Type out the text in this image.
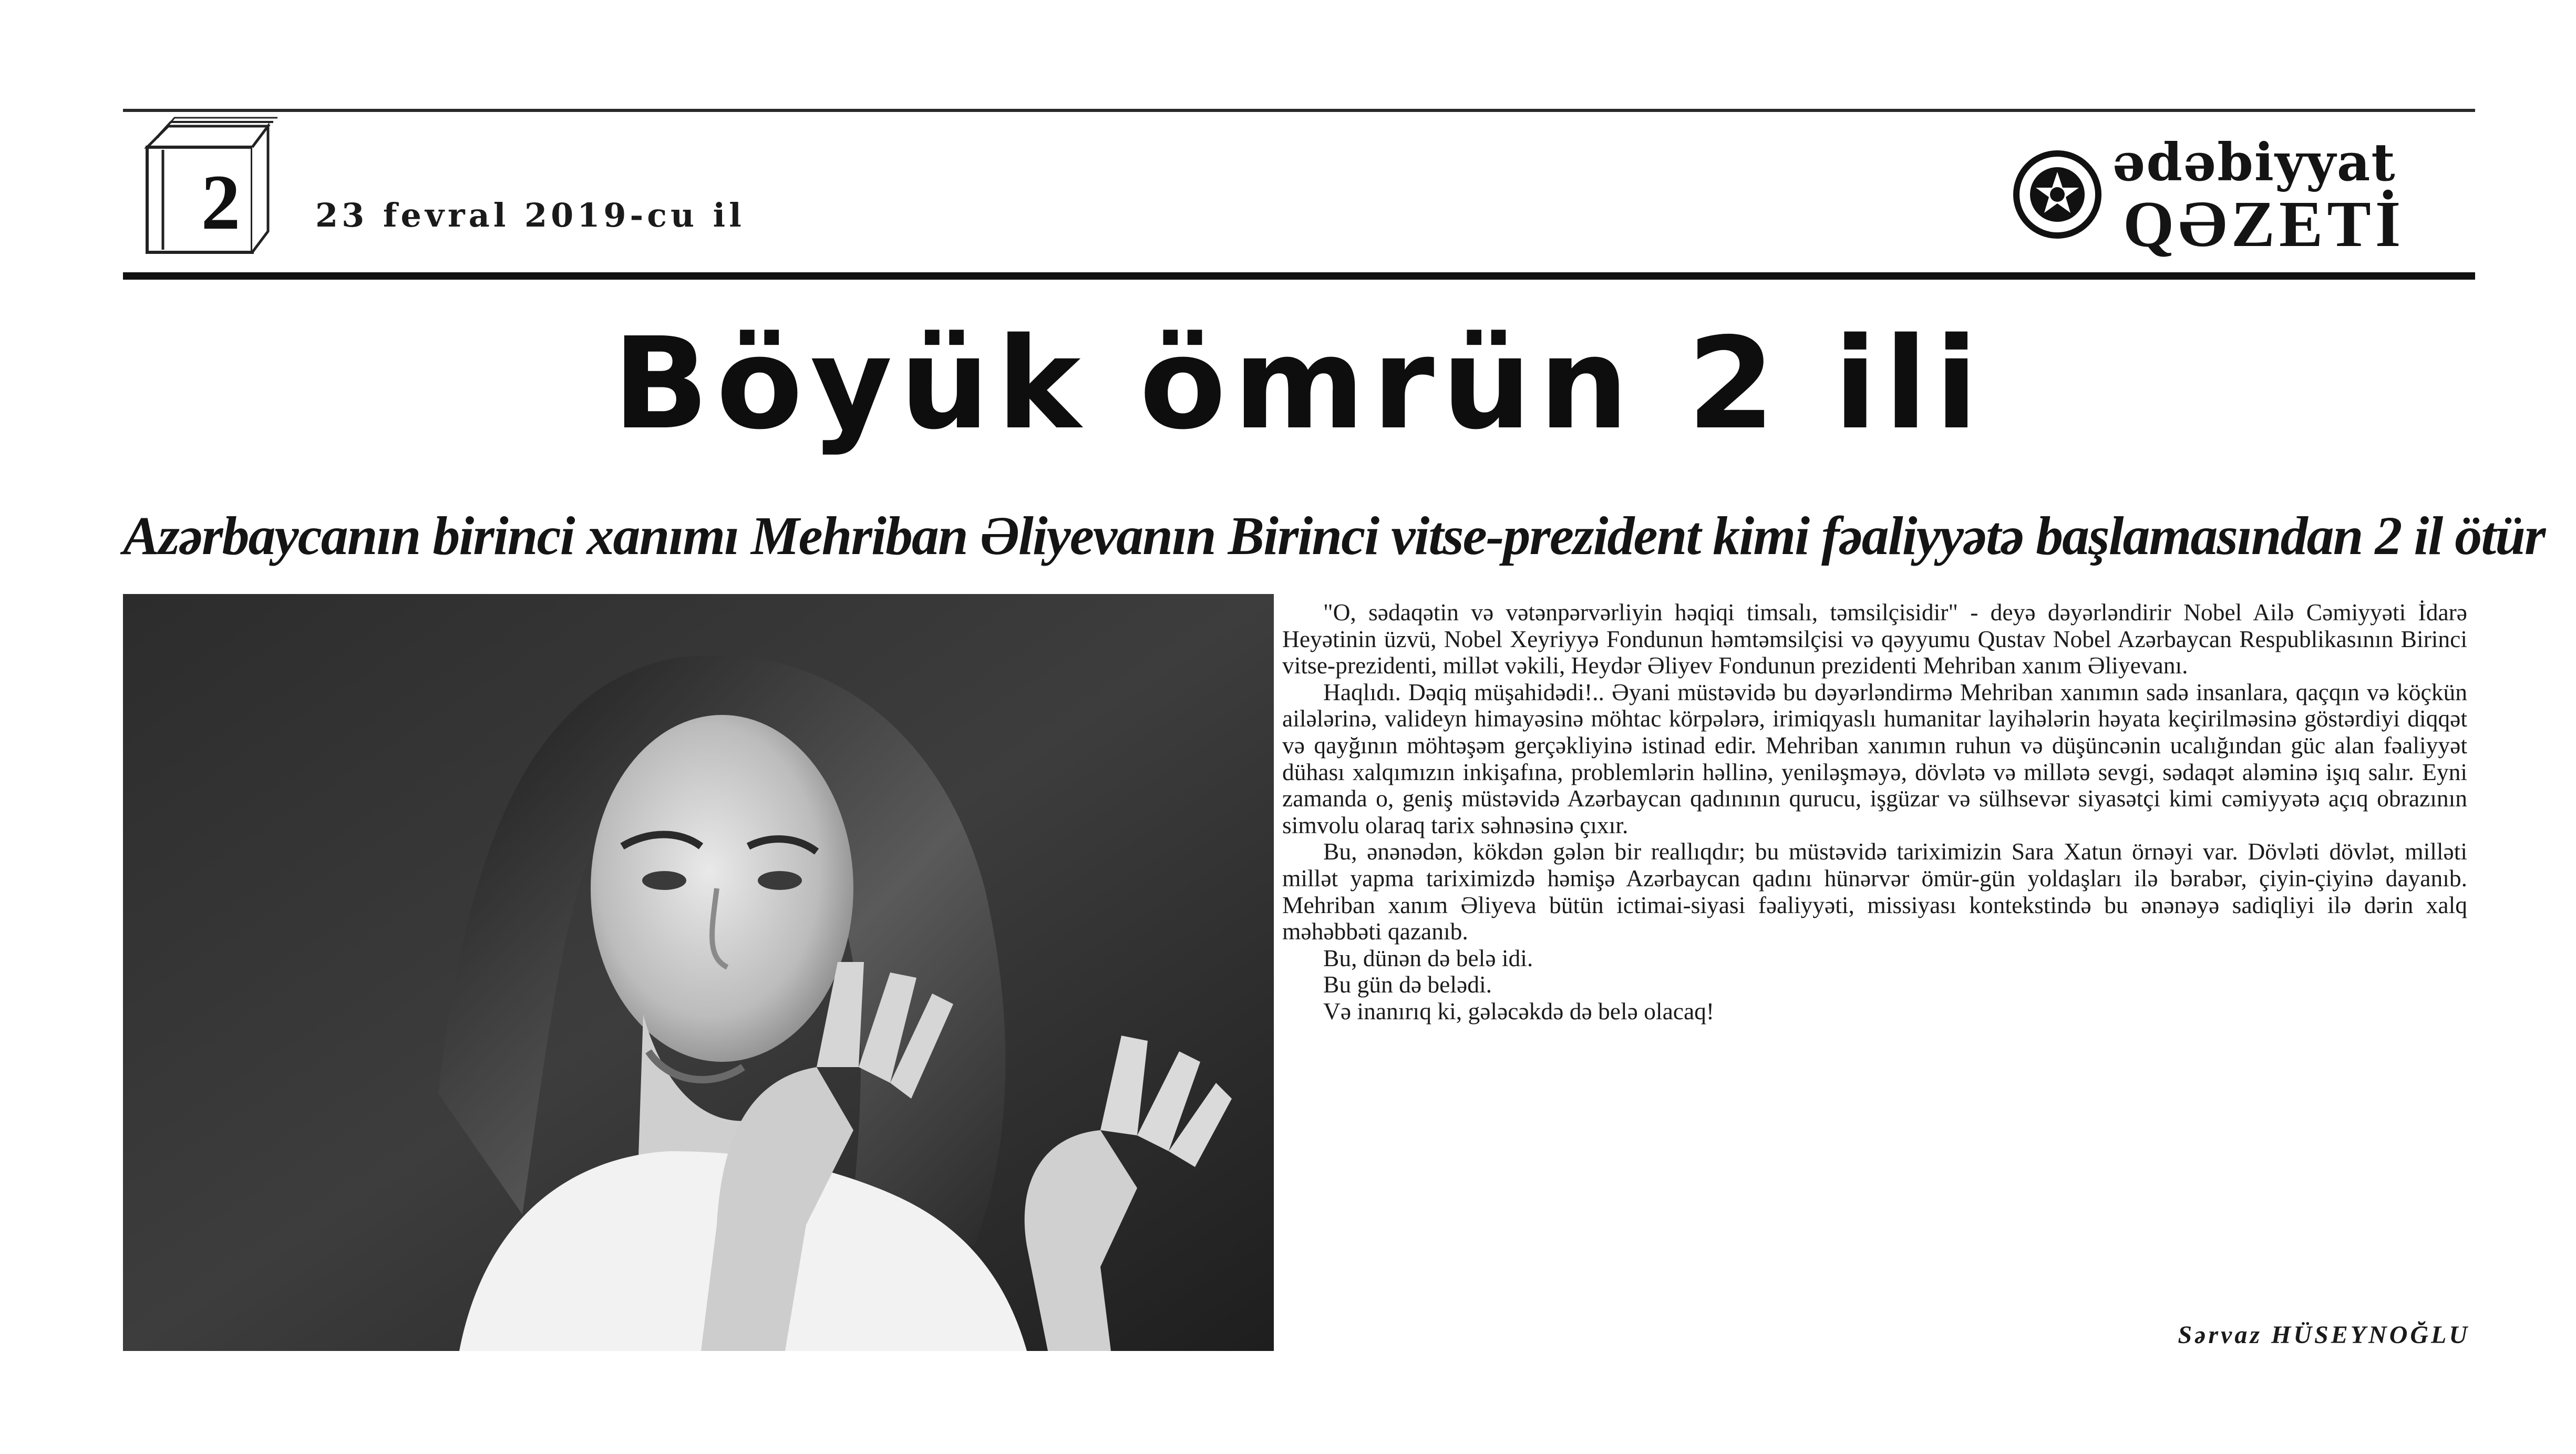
2	23 fevral 2019-cu il
ədəbiyyat
QƏZETİ
Böyük ömrün 2 ili
Azərbaycanın birinci xanımı Mehriban Əliyevanın Birinci vitse-prezident kimi fəaliyyətə başlamasından 2 il ötür

"O, sədaqətin və vətənpərvərliyin həqiqi timsalı, təmsilçisidir" - deyə dəyərləndirir Nobel Ailə Cəmiyyəti İdarə Heyətinin üzvü, Nobel Xeyriyyə Fondunun həmtəmsilçisi və qəyyumu Qustav Nobel Azərbaycan Respublikasının Birinci vitse-prezidenti, millət vəkili, Heydər Əliyev Fondunun prezidenti Mehriban xanım Əliyevanı.

Haqlıdı. Dəqiq müşahidədi!.. Əyani müstəvidə bu dəyərləndirmə Mehriban xanımın sadə insanlara, qaçqın və köçkün ailələrinə, valideyn himayəsinə möhtac körpələrə, irimiqyaslı humanitar layihələrin həyata keçirilməsinə göstərdiyi diqqət və qayğının möhtəşəm gerçəkliyinə istinad edir. Mehriban xanımın ruhun və düşüncənin ucalığından güc alan fəaliyyət dühası xalqımızın inkişafına, problemlərin həllinə, yeniləşməyə, dövlətə və millətə sevgi, sədaqət aləminə işıq salır. Eyni zamanda o, geniş müstəvidə Azərbaycan qadınının qurucu, işgüzar və sülhsevər siyasətçi kimi cəmiyyətə açıq obrazının simvolu olaraq tarix səhnəsinə çıxır.

Bu, ənənədən, kökdən gələn bir reallıqdır; bu müstəvidə tariximizin Sara Xatun örnəyi var. Dövləti dövlət, milləti millət yapma tariximizdə həmişə Azərbaycan qadını hünərvər ömür-gün yoldaşları ilə bərabər, çiyin-çiyinə dayanıb. Mehriban xanım Əliyeva bütün ictimai-siyasi fəaliyyəti, missiyası kontekstində bu ənənəyə sadiqliyi ilə dərin xalq məhəbbəti qazanıb.

Bu, dünən də belə idi.

Bu gün də belədi.

Və inanırıq ki, gələcəkdə də belə olacaq!

Sərvaz HÜSEYNOĞLU
